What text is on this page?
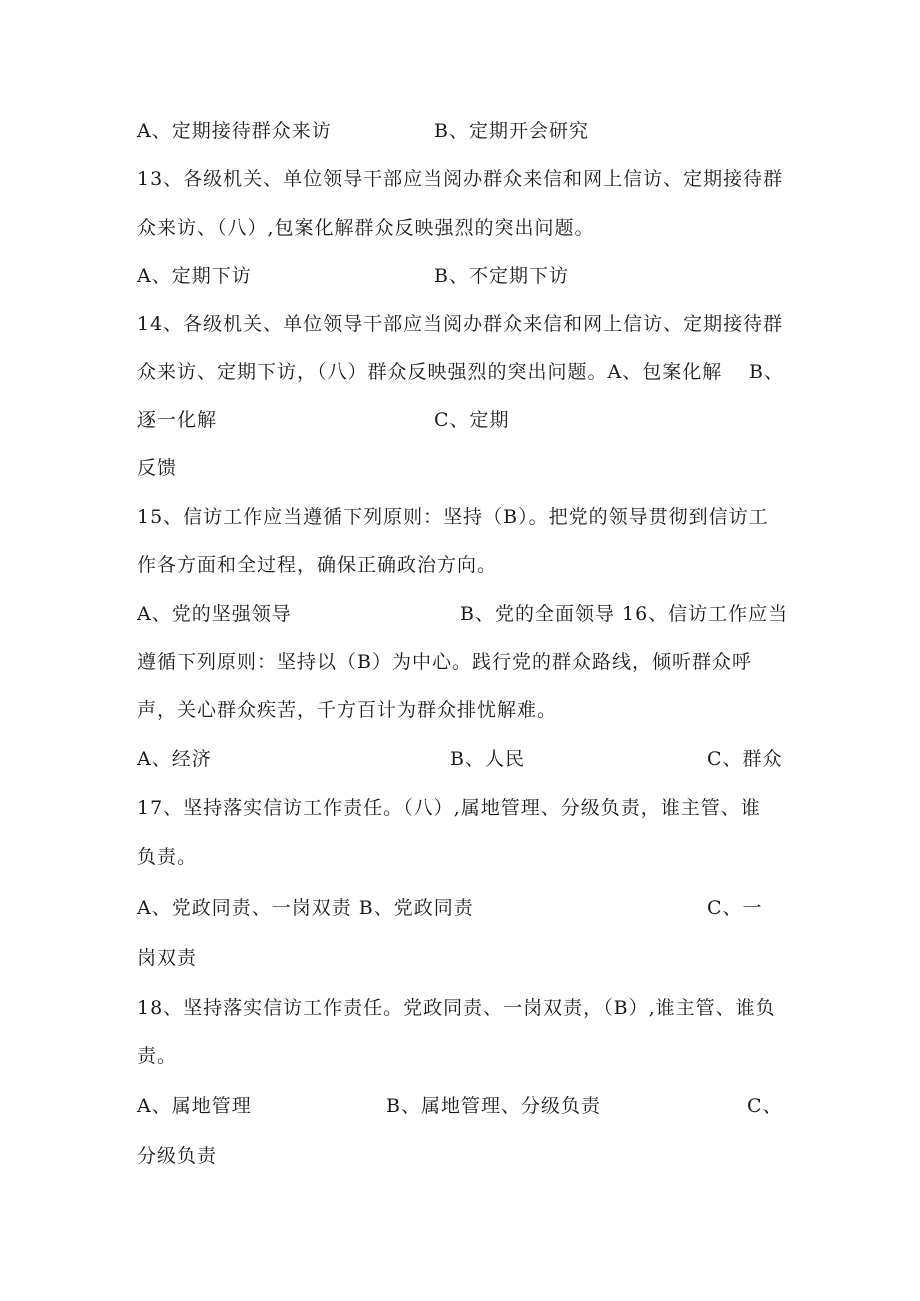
A、定期接待群众来访	B、定期开会研究
13、各级机关、单位领导干部应当阅办群众来信和网上信访、定期接待群
众来访、（八）,包案化解群众反映强烈的突出问题。
A、定期下访	B、不定期下访
14、各级机关、单位领导干部应当阅办群众来信和网上信访、定期接待群
众来访、定期下访，（八）群众反映强烈的突出问题。A、包案化解 B、
逐一化解	C、定期
反馈
15、信访工作应当遵循下列原则：坚持（B）。把党的领导贯彻到信访工
作各方面和全过程，确保正确政治方向。
A、党的坚强领导	B、党的全面领导 16、信访工作应当
遵循下列原则：坚持以（B）为中心。践行党的群众路线，倾听群众呼
声，关心群众疾苦，千方百计为群众排忧解难。
A、经济	B、人民	C、群众
17、坚持落实信访工作责任。（八）,属地管理、分级负责，谁主管、谁
负责。
A、党政同责、一岗双责 B、党政同责	C、一
岗双责
18、坚持落实信访工作责任。党政同责、一岗双责，（B）,谁主管、谁负
责。
A、属地管理	B、属地管理、分级负责	C、
分级负责
